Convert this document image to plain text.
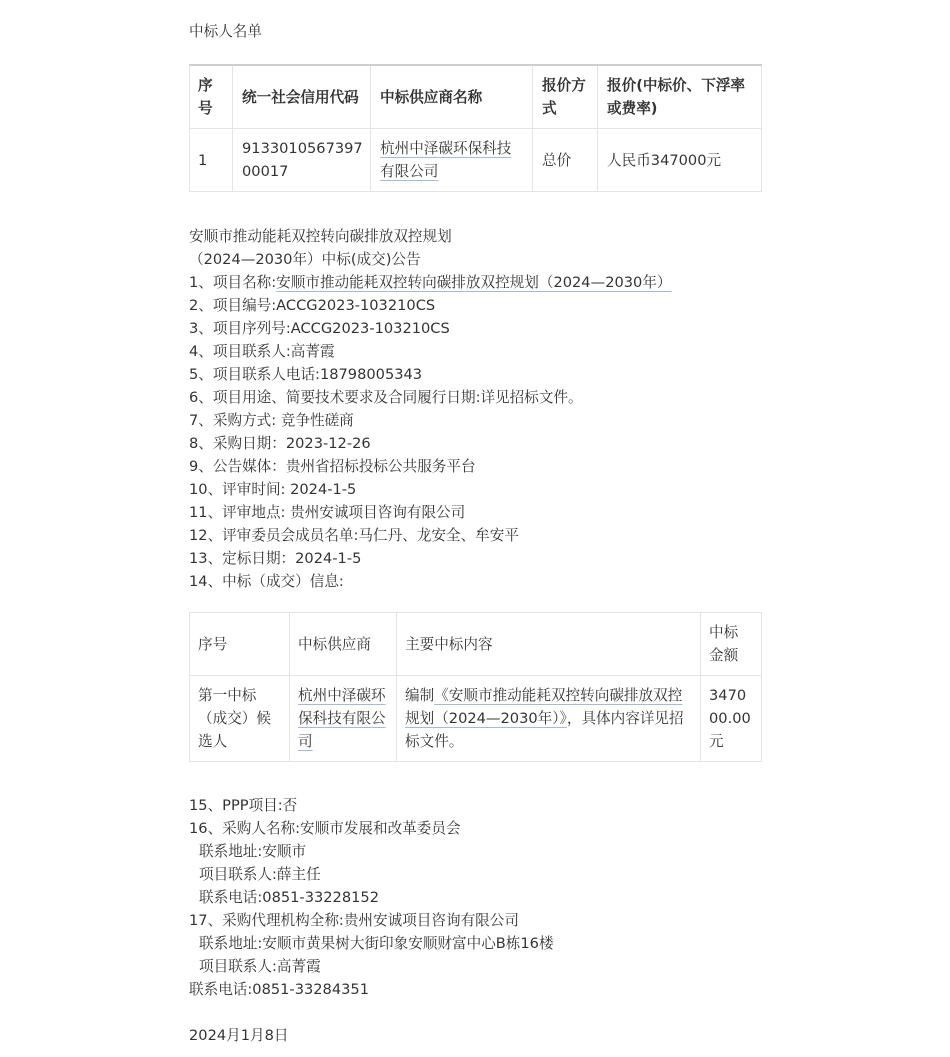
中标人名单

序号	统一社会信用代码	中标供应商名称	报价方式	报价(中标价、下浮率或费率)
1	913301056739700017	杭州中泽碳环保科技有限公司	总价	人民币347000元

安顺市推动能耗双控转向碳排放双控规划

（2024—2030年）中标(成交)公告

1、项目名称:安顺市推动能耗双控转向碳排放双控规划（2024—2030年）

2、项目编号:ACCG2023-103210CS

3、项目序列号:ACCG2023-103210CS

4、项目联系人:高菁霞

5、项目联系人电话:18798005343

6、项目用途、简要技术要求及合同履行日期:详见招标文件。

7、采购方式: 竞争性磋商

8、采购日期：2023-12-26

9、公告媒体：贵州省招标投标公共服务平台

10、评审时间: 2024-1-5

11、评审地点: 贵州安诚项目咨询有限公司

12、评审委员会成员名单:马仁丹、龙安全、牟安平

13、定标日期：2024-1-5

14、中标（成交）信息:

序号	中标供应商	主要中标内容	中标金额
第一中标（成交）候选人	杭州中泽碳环保科技有限公司	编制《安顺市推动能耗双控转向碳排放双控规划（2024—2030年）》，具体内容详见招标文件。	347000.00元

15、PPP项目:否

16、采购人名称:安顺市发展和改革委员会

联系地址:安顺市

项目联系人:薛主任

联系电话:0851-33228152

17、采购代理机构全称:贵州安诚项目咨询有限公司

联系地址:安顺市黄果树大街印象安顺财富中心B栋16楼

项目联系人:高菁霞

联系电话:0851-33284351

2024月1月8日
